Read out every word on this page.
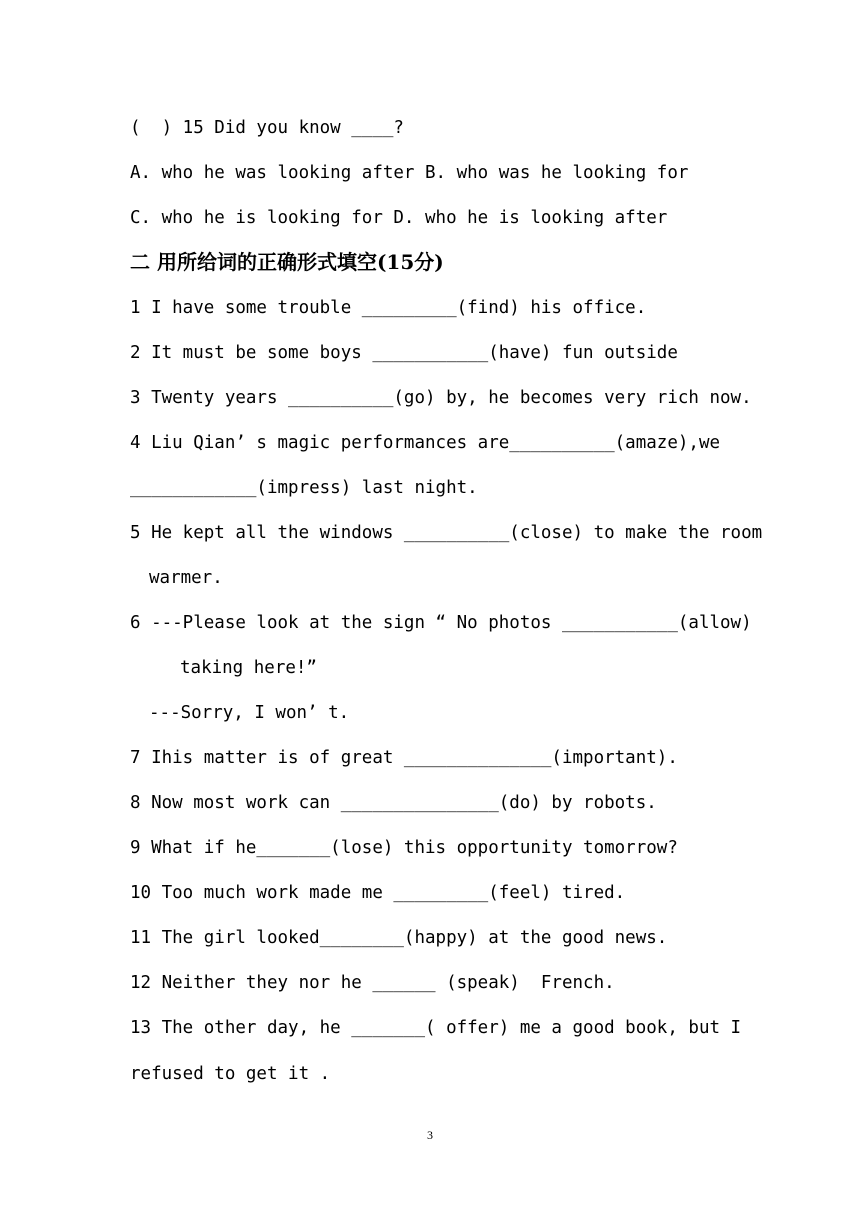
(  ) 15 Did you know ____?
A. who he was looking after B. who was he looking for
C. who he is looking for D. who he is looking after
二 用所给词的正确形式填空(15分)
1 I have some trouble _________(find) his office.
2 It must be some boys ___________(have) fun outside
3 Twenty years __________(go) by, he becomes very rich now.
4 Liu Qian’ s magic performances are__________(amaze),we
____________(impress) last night.
5 He kept all the windows __________(close) to make the room
warmer.
6 ---Please look at the sign “ No photos ___________(allow)
taking here!”
---Sorry, I won’ t.
7 Ihis matter is of great ______________(important).
8 Now most work can _______________(do) by robots.
9 What if he_______(lose) this opportunity tomorrow?
10 Too much work made me _________(feel) tired.
11 The girl looked________(happy) at the good news.
12 Neither they nor he ______ (speak)  French.
13 The other day, he _______( offer) me a good book, but I
refused to get it .
3
